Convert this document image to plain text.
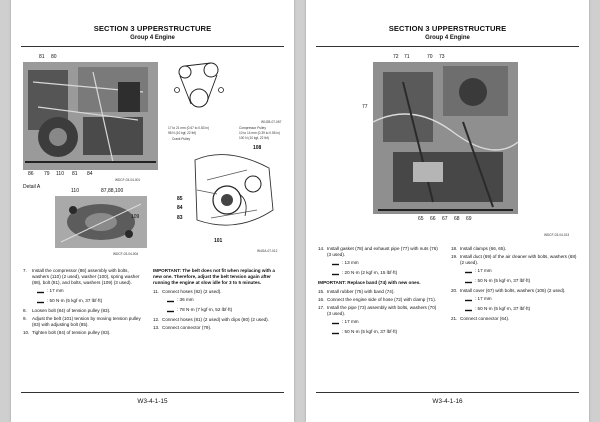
SECTION 3 UPPERSTRUCTURE
Group 4 Engine
81 80
86 79 110 81 84
WDCF-03-04-001
Detail A
110	87,88,100
109
WDCF-03-04-004
17 to 21 mm (0.67 to 0.83 in)
98 N (10 kgf, 22 lbf)
Crank Pulley
Compressor Pulley
10 to 14 mm (0.39 to 0.55 in)
100 N (10 kgf, 22 lbf)
W1GB-07-067
108
85
84
83
101
W4GA-07-012
7. Install the compressor (86) assembly with bolts, washers (110) (2 used), washer (100), spring washer (88), bolt (81), and bolts, washers (109) (3 used).
: 17 mm
: 50 N·m (5 kgf·m, 37 lbf·ft)
8. Loosen bolt (84) of tension pulley (83).
9. Adjust the belt (101) tension by moving tension pulley (83) with adjusting bolt (85).
10. Tighten bolt (84) of tension pulley (83).
IMPORTANT: The belt does not fit when replacing with a new one. Therefore, adjust the belt tension again after running the engine at slow idle for 3 to 5 minutes.
11. Connect hoses (82) (2 used).
: 36 mm
: 78 N·m (7 kgf·m, 52 lbf·ft)
12. Connect hoses (81) (2 used) with clips (80) (2 used).
13. Connect connector (79).
W3-4-1-15
SECTION 3 UPPERSTRUCTURE
Group 4 Engine
72 71	70 73
77
65 66 67 68 69
WDCF-03-04-013
14. Install gasket (78) and exhaust pipe (77) with nuts (76) (3 used).
: 13 mm
: 20 N·m (2 kgf·m, 15 lbf·ft)
IMPORTANT: Replace band (74) with new ones.
15. Install rubber (75) with band (74).
16. Connect the engine side of hose (72) with clamp (71).
17. Install the pipe (73) assembly with bolts, washers (70) (3 used).
: 17 mm
: 50 N·m (5 kgf·m, 37 lbf·ft)
18. Install clamps (66, 65).
19. Install duct (69) of the air cleaner with bolts, washers (68) (2 used).
: 17 mm
: 50 N·m (5 kgf·m, 37 lbf·ft)
20. Install cover (67) with bolts, washers (105) (2 used).
: 17 mm
: 50 N·m (5 kgf·m, 37 lbf·ft)
21. Connect connector (64).
W3-4-1-16
